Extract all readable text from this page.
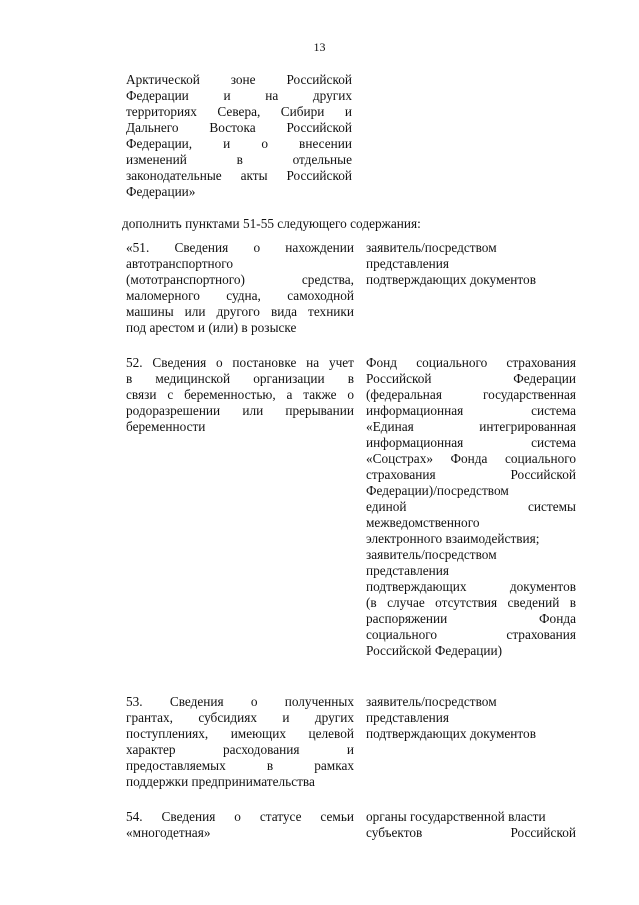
13
Арктической зоне Российской
Федерации и на других
территориях Севера, Сибири и
Дальнего Востока Российской
Федерации, и о внесении
изменений в отдельные
законодательные акты Российской
Федерации»
дополнить пунктами 51-55 следующего содержания:
«51. Сведения о нахождении
автотранспортного
(мототранспортного) средства,
маломерного судна, самоходной
машины или другого вида техники
под арестом и (или) в розыске
заявитель/посредством
представления
подтверждающих документов
52. Сведения о постановке на учет
в медицинской организации в
связи с беременностью, а также о
родоразрешении или прерывании
беременности
Фонд социального страхования
Российской Федерации
(федеральная государственная
информационная система
«Единая интегрированная
информационная система
«Соцстрах» Фонда социального
страхования Российской
Федерации)/посредством
единой системы
межведомственного
электронного взаимодействия;
заявитель/посредством
представления
подтверждающих документов
(в случае отсутствия сведений в
распоряжении Фонда
социального страхования
Российской Федерации)
53. Сведения о полученных
грантах, субсидиях и других
поступлениях, имеющих целевой
характер расходования и
предоставляемых в рамках
поддержки предпринимательства
заявитель/посредством
представления
подтверждающих документов
54. Сведения о статусе семьи
«многодетная»
органы государственной власти
субъектов Российской
